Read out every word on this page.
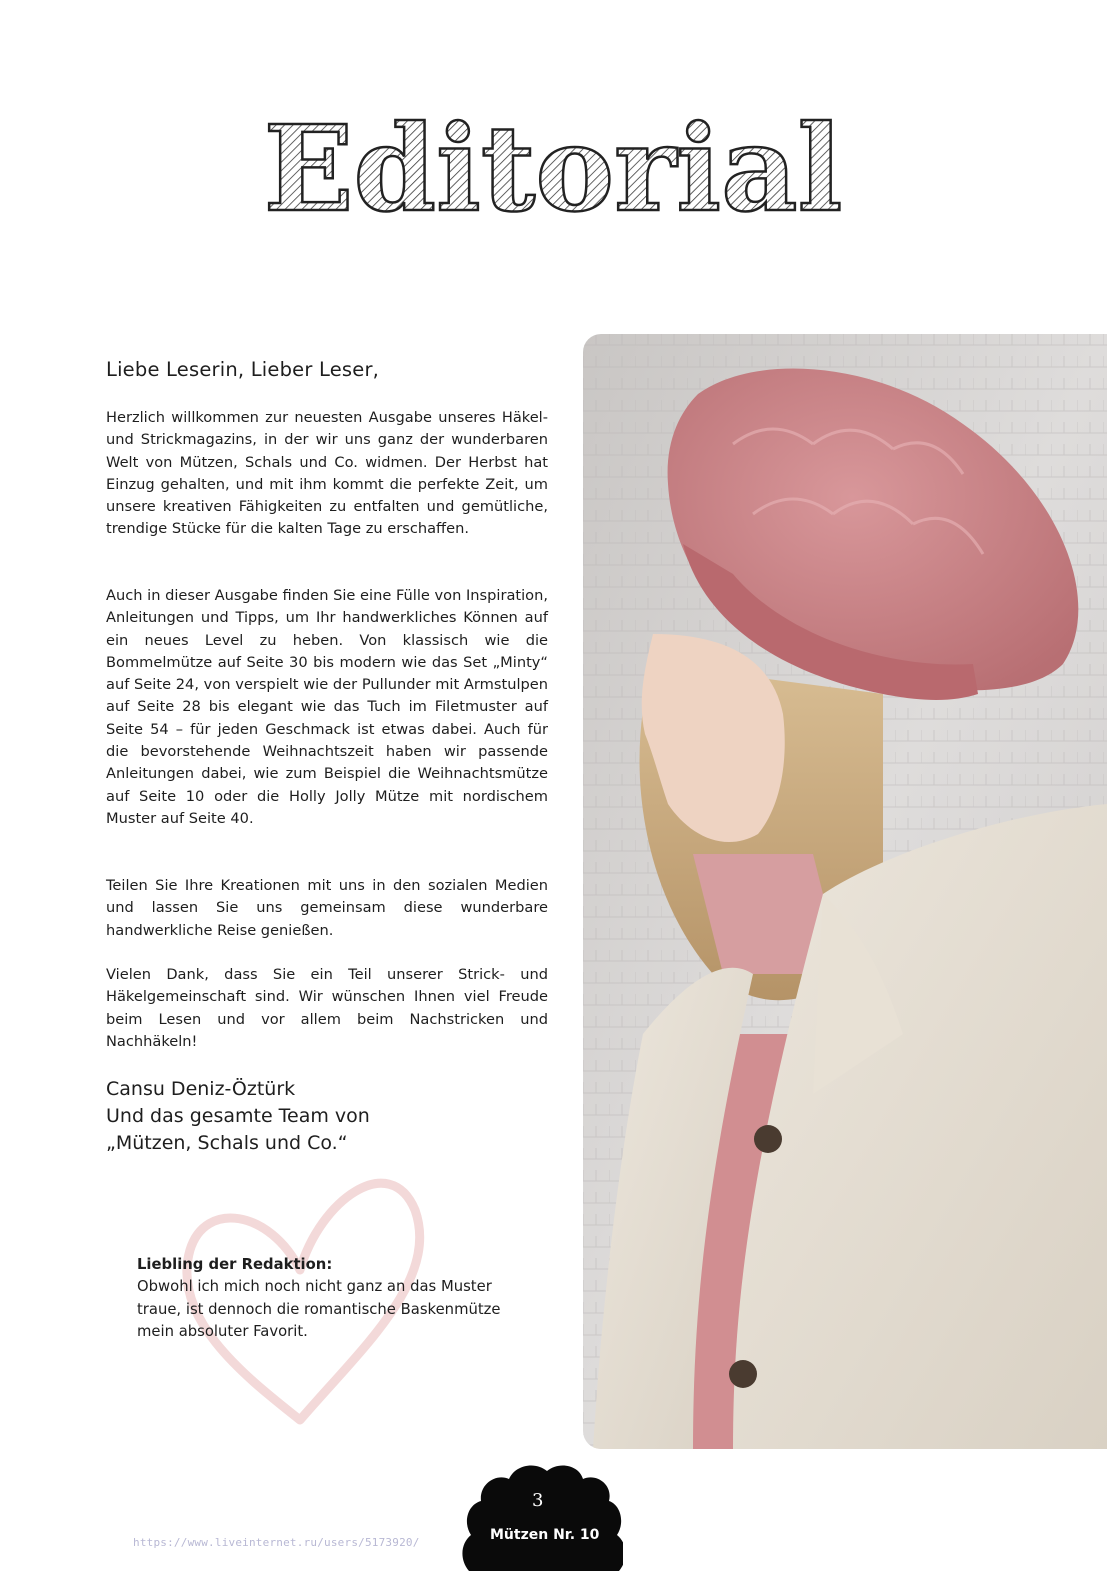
Editorial
Liebe Leserin, Lieber Leser,
Herzlich willkommen zur neuesten Ausgabe unseres Häkel- und Strickmagazins, in der wir uns ganz der wunderbaren Welt von Mützen, Schals und Co. widmen. Der Herbst hat Einzug gehalten, und mit ihm kommt die perfekte Zeit, um unsere kreativen Fähigkeiten zu entfalten und gemütliche, trendige Stücke für die kalten Tage zu erschaffen.
Auch in dieser Ausgabe finden Sie eine Fülle von Inspiration, Anleitungen und Tipps, um Ihr handwerkliches Können auf ein neues Level zu heben. Von klassisch wie die Bommelmütze auf Seite 30 bis modern wie das Set „Minty“ auf Seite 24, von verspielt wie der Pullunder mit Armstulpen auf Seite 28 bis elegant wie das Tuch im Filetmuster auf Seite 54 – für jeden Geschmack ist etwas dabei. Auch für die bevorstehende Weihnachtszeit haben wir passende Anleitungen dabei, wie zum Beispiel die Weihnachtsmütze auf Seite 10 oder die Holly Jolly Mütze mit nordischem Muster auf Seite 40.
Teilen Sie Ihre Kreationen mit uns in den sozialen Medien und lassen Sie uns gemeinsam diese wunderbare handwerkliche Reise genießen.
Vielen Dank, dass Sie ein Teil unserer Strick- und Häkelgemeinschaft sind. Wir wünschen Ihnen viel Freude beim Lesen und vor allem beim Nachstricken und Nachhäkeln!
Cansu Deniz-Öztürk
Und das gesamte Team von
„Mützen, Schals und Co.“
Liebling der Redaktion:
Obwohl ich mich noch nicht ganz an das Muster traue, ist dennoch die romantische Baskenmütze mein absoluter Favorit.
https://www.liveinternet.ru/users/5173920/
3
Mützen Nr. 10
